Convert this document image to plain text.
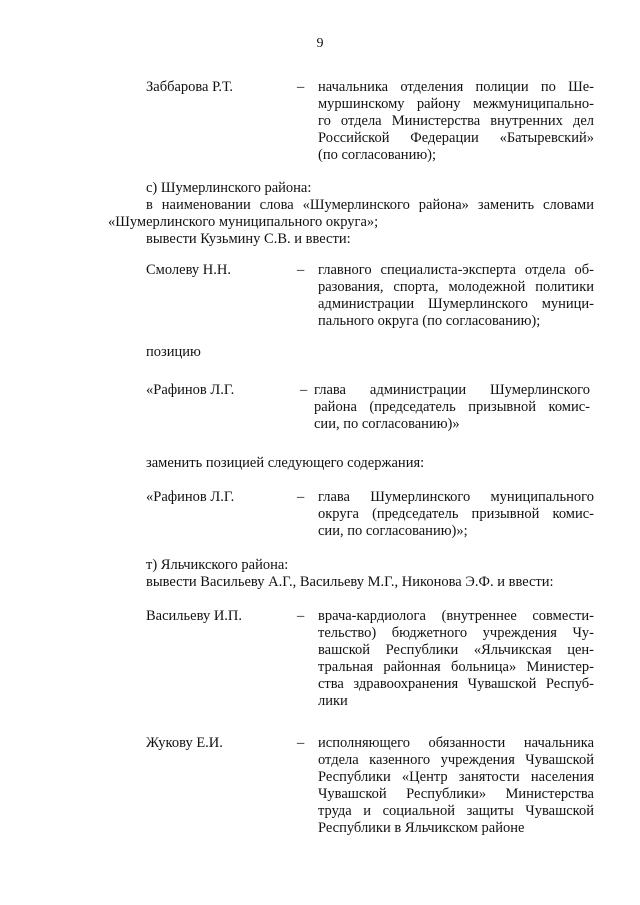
9
Заббарова Р.Т.	– начальника отделения полиции по Ше-
муршинскому району межмуниципально-
го отдела Министерства внутренних дел
Российской Федерации «Батыревский»
(по согласованию);
с) Шумерлинского района:
в наименовании слова «Шумерлинского района» заменить словами
«Шумерлинского муниципального округа»;
вывести Кузьмину С.В. и ввести:
Смолеву Н.Н.	– главного специалиста-эксперта отдела об-
разования, спорта, молодежной политики
администрации Шумерлинского муници-
пального округа (по согласованию);
позицию
«Рафинов Л.Г.	– глава администрации Шумерлинского
района (председатель призывной комис-
сии, по согласованию)»
заменить позицией следующего содержания:
«Рафинов Л.Г.	– глава Шумерлинского муниципального
округа (председатель призывной комис-
сии, по согласованию)»;
т) Яльчикского района:
вывести Васильеву А.Г., Васильеву М.Г., Никонова Э.Ф. и ввести:
Васильеву И.П.	– врача-кардиолога (внутреннее совмести-
тельство) бюджетного учреждения Чу-
вашской Республики «Яльчикская цен-
тральная районная больница» Министер-
ства здравоохранения Чувашской Респуб-
лики
Жукову Е.И.	– исполняющего обязанности начальника
отдела казенного учреждения Чувашской
Республики «Центр занятости населения
Чувашской Республики» Министерства
труда и социальной защиты Чувашской
Республики в Яльчикском районе
